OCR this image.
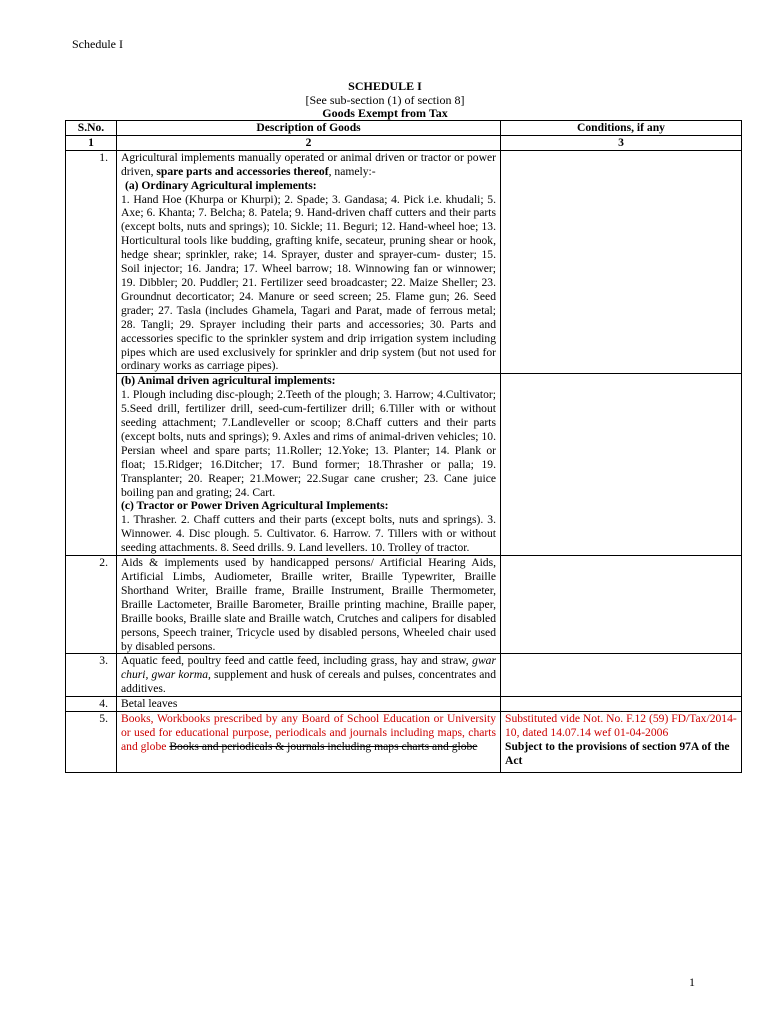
Schedule I
SCHEDULE I
[See sub-section (1) of section 8]
Goods Exempt from Tax
S.No.	Description of Goods	Conditions, if any
1	2	3
1.	Agricultural implements manually operated or animal driven or tractor or power driven, spare parts and accessories thereof, namely:-
(a) Ordinary Agricultural implements:
1. Hand Hoe (Khurpa or Khurpi); 2. Spade; 3. Gandasa; 4. Pick i.e. khudali; 5. Axe; 6. Khanta; 7. Belcha; 8. Patela; 9. Hand-driven chaff cutters and their parts (except bolts, nuts and springs); 10. Sickle; 11. Beguri; 12. Hand-wheel hoe; 13. Horticultural tools like budding, grafting knife, secateur, pruning shear or hook, hedge shear; sprinkler, rake; 14. Sprayer, duster and sprayer-cum- duster; 15. Soil injector; 16. Jandra; 17. Wheel barrow; 18. Winnowing fan or winnower; 19. Dibbler; 20. Puddler; 21. Fertilizer seed broadcaster; 22. Maize Sheller; 23. Groundnut decorticator; 24. Manure or seed screen; 25. Flame gun; 26. Seed grader; 27. Tasla (includes Ghamela, Tagari and Parat, made of ferrous metal; 28. Tangli; 29. Sprayer including their parts and accessories; 30. Parts and accessories specific to the sprinkler system and drip irrigation system including pipes which are used exclusively for sprinkler and drip system (but not used for ordinary works as carriage pipes).	

	(b) Animal driven agricultural implements:
1. Plough including disc-plough; 2.Teeth of the plough; 3. Harrow; 4.Cultivator; 5.Seed drill, fertilizer drill, seed-cum-fertilizer drill; 6.Tiller with or without seeding attachment; 7.Landleveller or scoop; 8.Chaff cutters and their parts (except bolts, nuts and springs); 9. Axles and rims of animal-driven vehicles; 10. Persian wheel and spare parts; 11.Roller; 12.Yoke; 13. Planter; 14. Plank or float; 15.Ridger; 16.Ditcher; 17. Bund former; 18.Thrasher or palla; 19. Transplanter; 20. Reaper; 21.Mower; 22.Sugar cane crusher; 23. Cane juice boiling pan and grating; 24. Cart.
(c) Tractor or Power Driven Agricultural Implements:
1. Thrasher. 2. Chaff cutters and their parts (except bolts, nuts and springs). 3. Winnower. 4. Disc plough. 5. Cultivator. 6. Harrow. 7. Tillers with or without seeding attachments. 8. Seed drills. 9. Land levellers. 10. Trolley of tractor.	
2.	Aids & implements used by handicapped persons/ Artificial Hearing Aids, Artificial Limbs, Audiometer, Braille writer, Braille Typewriter, Braille Shorthand Writer, Braille frame, Braille Instrument, Braille Thermometer, Braille Lactometer, Braille Barometer, Braille printing machine, Braille paper, Braille books, Braille slate and Braille watch, Crutches and calipers for disabled persons, Speech trainer, Tricycle used by disabled persons, Wheeled chair used by disabled persons.	
3.	Aquatic feed, poultry feed and cattle feed, including grass, hay and straw, gwar churi, gwar korma, supplement and husk of cereals and pulses, concentrates and additives.	
4.	Betal leaves	
5.	Books, Workbooks prescribed by any Board of School Education or University or used for educational purpose, periodicals and journals including maps, charts and globe Books and periodicals & journals including maps charts and globe	Substituted vide Not. No. F.12 (59) FD/Tax/2014-10, dated 14.07.14 wef 01-04-2006
Subject to the provisions of section 97A of the Act
1
